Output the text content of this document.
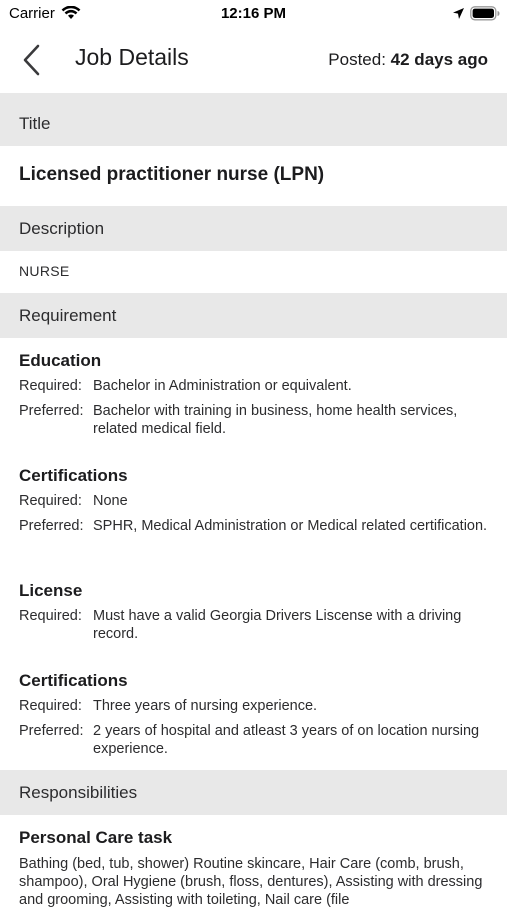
Carrier	12:16 PM
Job Details	Posted: 42 days ago
Title
Licensed practitioner nurse (LPN)
Description
NURSE
Requirement
Education
Required: Bachelor in Administration or equivalent.
Preferred: Bachelor with training in business, home health services, related medical field.
Certifications
Required: None
Preferred: SPHR, Medical Administration or Medical related certification.
License
Required: Must have a valid Georgia Drivers Liscense with a driving record.
Certifications
Required: Three years of nursing experience.
Preferred: 2 years of hospital and atleast 3 years of on location nursing experience.
Responsibilities
Personal Care task
Bathing (bed, tub, shower) Routine skincare, Hair Care (comb, brush, shampoo), Oral Hygiene (brush, floss, dentures), Assisting with dressing and grooming, Assisting with toileting, Nail care (file
